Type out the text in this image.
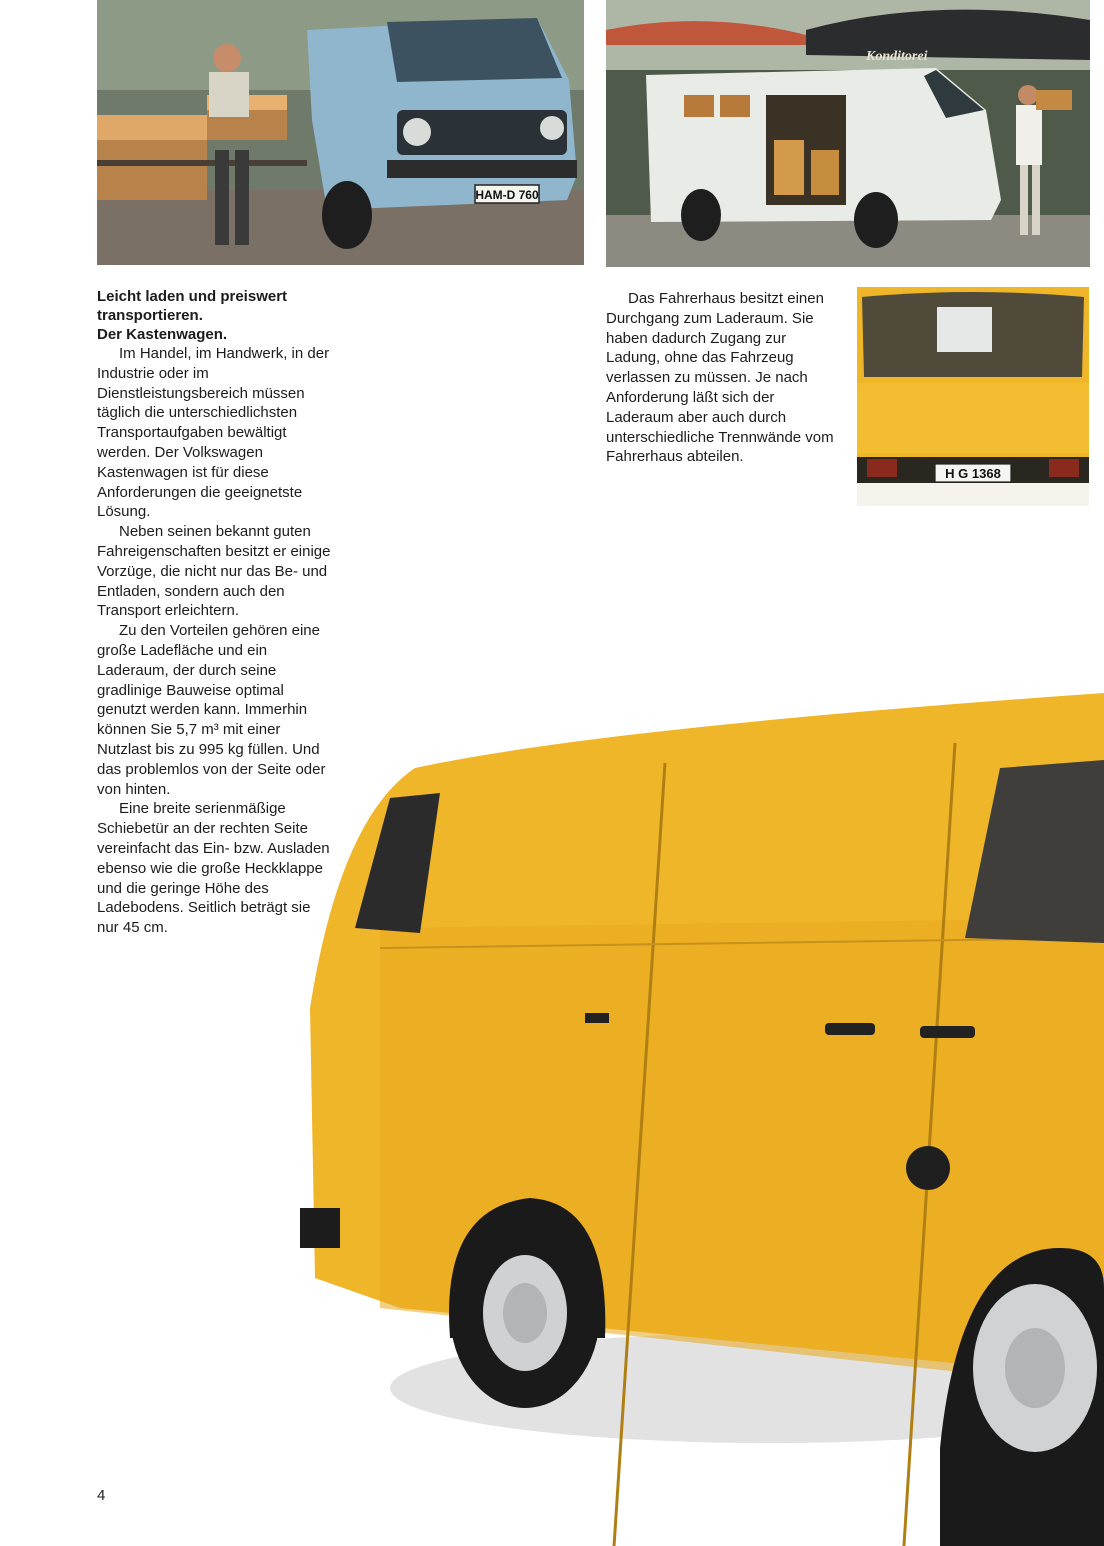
HAM-D 760
Konditorei
H G 1368
Leicht laden und preiswert
transportieren.
Der Kastenwagen.

Im Handel, im Handwerk, in der Industrie oder im Dienstleistungsbereich müssen täglich die unterschiedlichsten Transportaufgaben bewältigt werden. Der Volkswagen Kastenwagen ist für diese Anforderungen die geeignetste Lösung.

Neben seinen bekannt guten Fahreigenschaften besitzt er einige Vorzüge, die nicht nur das Be- und Entladen, sondern auch den Transport erleichtern.

Zu den Vorteilen gehören eine große Ladefläche und ein Laderaum, der durch seine gradlinige Bauweise optimal genutzt werden kann. Immerhin können Sie 5,7 m³ mit einer Nutzlast bis zu 995 kg füllen. Und das problemlos von der Seite oder von hinten.

Eine breite serienmäßige Schiebetür an der rechten Seite vereinfacht das Ein- bzw. Ausladen ebenso wie die große Heckklappe und die geringe Höhe des Ladebodens. Seitlich beträgt sie nur 45 cm.

Das Fahrerhaus besitzt einen Durchgang zum Laderaum. Sie haben dadurch Zugang zur Ladung, ohne das Fahrzeug verlassen zu müssen. Je nach Anforderung läßt sich der Laderaum aber auch durch unterschiedliche Trennwände vom Fahrerhaus abteilen.

4
